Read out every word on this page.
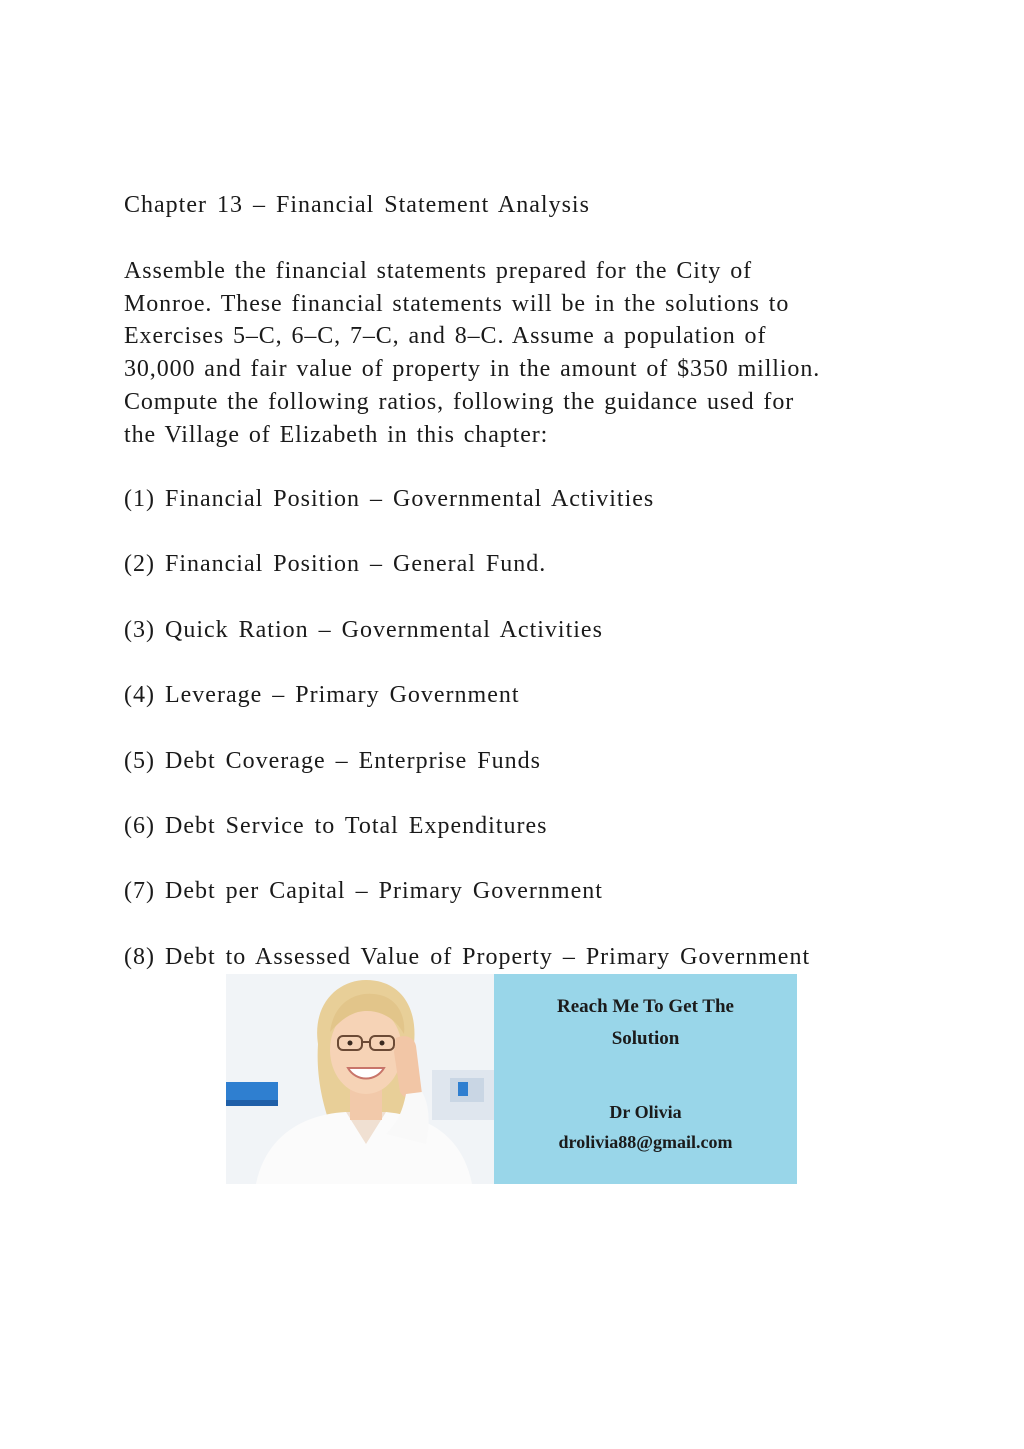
Chapter 13 – Financial Statement Analysis
Assemble the financial statements prepared for the City of
Monroe. These financial statements will be in the solutions to
Exercises 5–C, 6–C, 7–C, and 8–C. Assume a population of
30,000 and fair value of property in the amount of $350 million.
Compute the following ratios, following the guidance used for
the Village of Elizabeth in this chapter:
(1) Financial Position – Governmental Activities
(2) Financial Position – General Fund.
(3) Quick Ration – Governmental Activities
(4) Leverage – Primary Government
(5) Debt Coverage – Enterprise Funds
(6) Debt Service to Total Expenditures
(7) Debt per Capital – Primary Government
(8) Debt to Assessed Value of Property – Primary Government
Reach Me To Get The
Solution
Dr Olivia
drolivia88@gmail.com
